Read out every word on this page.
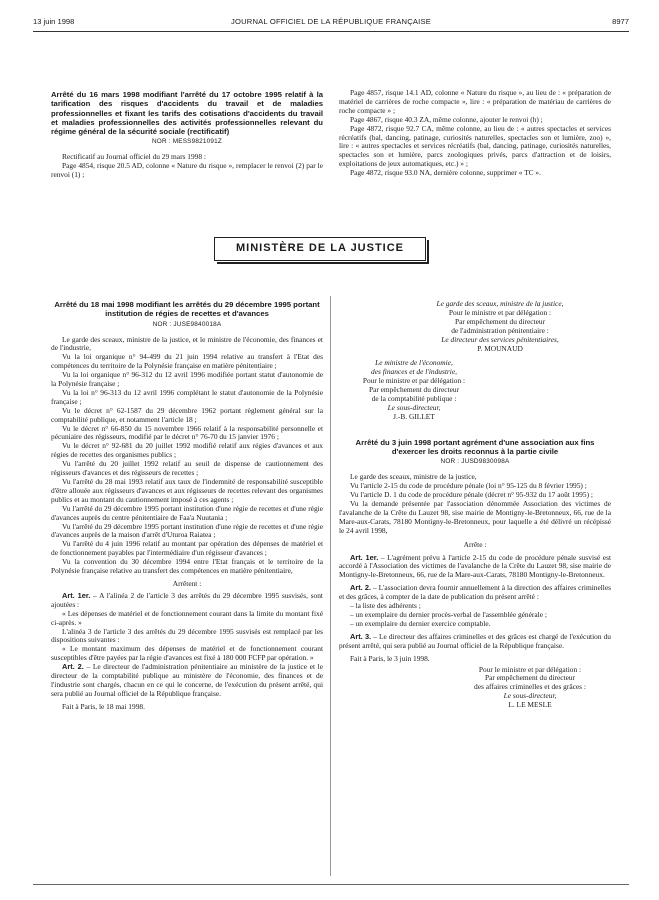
13 juin 1998	JOURNAL OFFICIEL DE LA RÉPUBLIQUE FRANÇAISE	8977

Arrêté du 16 mars 1998 modifiant l'arrêté du 17 octobre 1995 relatif à la tarification des risques d'accidents du travail et de maladies professionnelles et fixant les tarifs des cotisations d'accidents du travail et maladies professionnelles des activités professionnelles relevant du régime général de la sécurité sociale (rectificatif)

NOR : MESS9821091Z

Rectificatif au Journal officiel du 29 mars 1998 :

Page 4854, risque 20.5 AD, colonne « Nature du risque », remplacer le renvoi (2) par le renvoi (1) ;

Page 4857, risque 14.1 AD, colonne « Nature du risque », au lieu de : « préparation de matériel de carrières de roche compacte », lire : « préparation de matériau de carrières de roche compacte » ;

Page 4867, risque 40.3 ZA, même colonne, ajouter le renvoi (h) ;

Page 4872, risque 92.7 CA, même colonne, au lieu de : « autres spectacles et services récréatifs (bal, dancing, patinage, curiosités naturelles, spectacles son et lumière, zoo) », lire : « autres spectacles et services récréatifs (bal, dancing, patinage, curiosités naturelles, spectacles son et lumière, parcs zoologiques privés, parcs d'attraction et de loisirs, exploitations de jeux automatiques, etc.) » ;

Page 4872, risque 93.0 NA, dernière colonne, supprimer « TC ».

MINISTÈRE DE LA JUSTICE

Arrêté du 18 mai 1998 modifiant les arrêtés du 29 décembre 1995 portant institution de régies de recettes et d'avances

NOR : JUSE9840018A

Le garde des sceaux, ministre de la justice, et le ministre de l'économie, des finances et de l'industrie,

Vu la loi organique n° 94-499 du 21 juin 1994 relative au transfert à l'Etat des compétences du territoire de la Polynésie française en matière pénitentiaire ;

Vu la loi organique n° 96-312 du 12 avril 1996 modifiée portant statut d'autonomie de la Polynésie française ;

Vu la loi n° 96-313 du 12 avril 1996 complétant le statut d'autonomie de la Polynésie française ;

Vu le décret n° 62-1587 du 29 décembre 1962 portant règlement général sur la comptabilité publique, et notamment l'article 18 ;

Vu le décret n° 66-850 du 15 novembre 1966 relatif à la responsabilité personnelle et pécuniaire des régisseurs, modifié par le décret n° 76-70 du 15 janvier 1976 ;

Vu le décret n° 92-681 du 20 juillet 1992 modifié relatif aux régies d'avances et aux régies de recettes des organismes publics ;

Vu l'arrêté du 20 juillet 1992 relatif au seuil de dispense de cautionnement des régisseurs d'avances et des régisseurs de recettes ;

Vu l'arrêté du 28 mai 1993 relatif aux taux de l'indemnité de responsabilité susceptible d'être allouée aux régisseurs d'avances et aux régisseurs de recettes relevant des organismes publics et au montant du cautionnement imposé à ces agents ;

Vu l'arrêté du 29 décembre 1995 portant institution d'une régie de recettes et d'une régie d'avances auprès du centre pénitentiaire de Faa'a Nuutania ;

Vu l'arrêté du 29 décembre 1995 portant institution d'une régie de recettes et d'une régie d'avances auprès de la maison d'arrêt d'Uturoa Raiatea ;

Vu l'arrêté du 4 juin 1996 relatif au montant par opération des dépenses de matériel et de fonctionnement payables par l'intermédiaire d'un régisseur d'avances ;

Vu la convention du 30 décembre 1994 entre l'Etat français et le territoire de la Polynésie française relative au transfert des compétences en matière pénitentiaire,

Arrêtent :

Art. 1er. – A l'alinéa 2 de l'article 3 des arrêtés du 29 décembre 1995 susvisés, sont ajoutées :

« Les dépenses de matériel et de fonctionnement courant dans la limite du montant fixé ci-après. »

L'alinéa 3 de l'article 3 des arrêtés du 29 décembre 1995 susvisés est remplacé par les dispositions suivantes :

« Le montant maximum des dépenses de matériel et de fonctionnement courant susceptibles d'être payées par la régie d'avances est fixé à 180 000 FCFP par opération. »

Art. 2. – Le directeur de l'administration pénitentiaire au ministère de la justice et le directeur de la comptabilité publique au ministère de l'économie, des finances et de l'industrie sont chargés, chacun en ce qui le concerne, de l'exécution du présent arrêté, qui sera publié au Journal officiel de la République française.

Fait à Paris, le 18 mai 1998.

Le garde des sceaux, ministre de la justice,
Pour le ministre et par délégation :
Par empêchement du directeur
de l'administration pénitentiaire :
Le directeur des services pénitentiaires,
P. MOUNAUD
Le ministre de l'économie,
des finances et de l'industrie,
Pour le ministre et par délégation :
Par empêchement du directeur
de la comptabilité publique :
Le sous-directeur,
J.-B. GILLET

Arrêté du 3 juin 1998 portant agrément d'une association aux fins d'exercer les droits reconnus à la partie civile

NOR : JUSD9830098A

Le garde des sceaux, ministre de la justice,

Vu l'article 2-15 du code de procédure pénale (loi n° 95-125 du 8 février 1995) ;

Vu l'article D. 1 du code de procédure pénale (décret n° 95-932 du 17 août 1995) ;

Vu la demande présentée par l'association dénommée Association des victimes de l'avalanche de la Crête du Lauzet 98, sise mairie de Montigny-le-Bretonneux, 66, rue de la Mare-aux-Carats, 78180 Montigny-le-Bretonneux, pour laquelle a été délivré un récépissé le 24 avril 1998,

Arrête :

Art. 1er. – L'agrément prévu à l'article 2-15 du code de procédure pénale susvisé est accordé à l'Association des victimes de l'avalanche de la Crête du Lauzet 98, sise mairie de Montigny-le-Bretonneux, 66, rue de la Mare-aux-Carats, 78180 Montigny-le-Bretonneux.

Art. 2. – L'association devra fournir annuellement à la direction des affaires criminelles et des grâces, à compter de la date de publication du présent arrêté :

– la liste des adhérents ;

– un exemplaire du dernier procès-verbal de l'assemblée générale ;

– un exemplaire du dernier exercice comptable.

Art. 3. – Le directeur des affaires criminelles et des grâces est chargé de l'exécution du présent arrêté, qui sera publié au Journal officiel de la République française.

Fait à Paris, le 3 juin 1998.

Pour le ministre et par délégation :
Par empêchement du directeur
des affaires criminelles et des grâces :
Le sous-directeur,
L. LE MESLE
